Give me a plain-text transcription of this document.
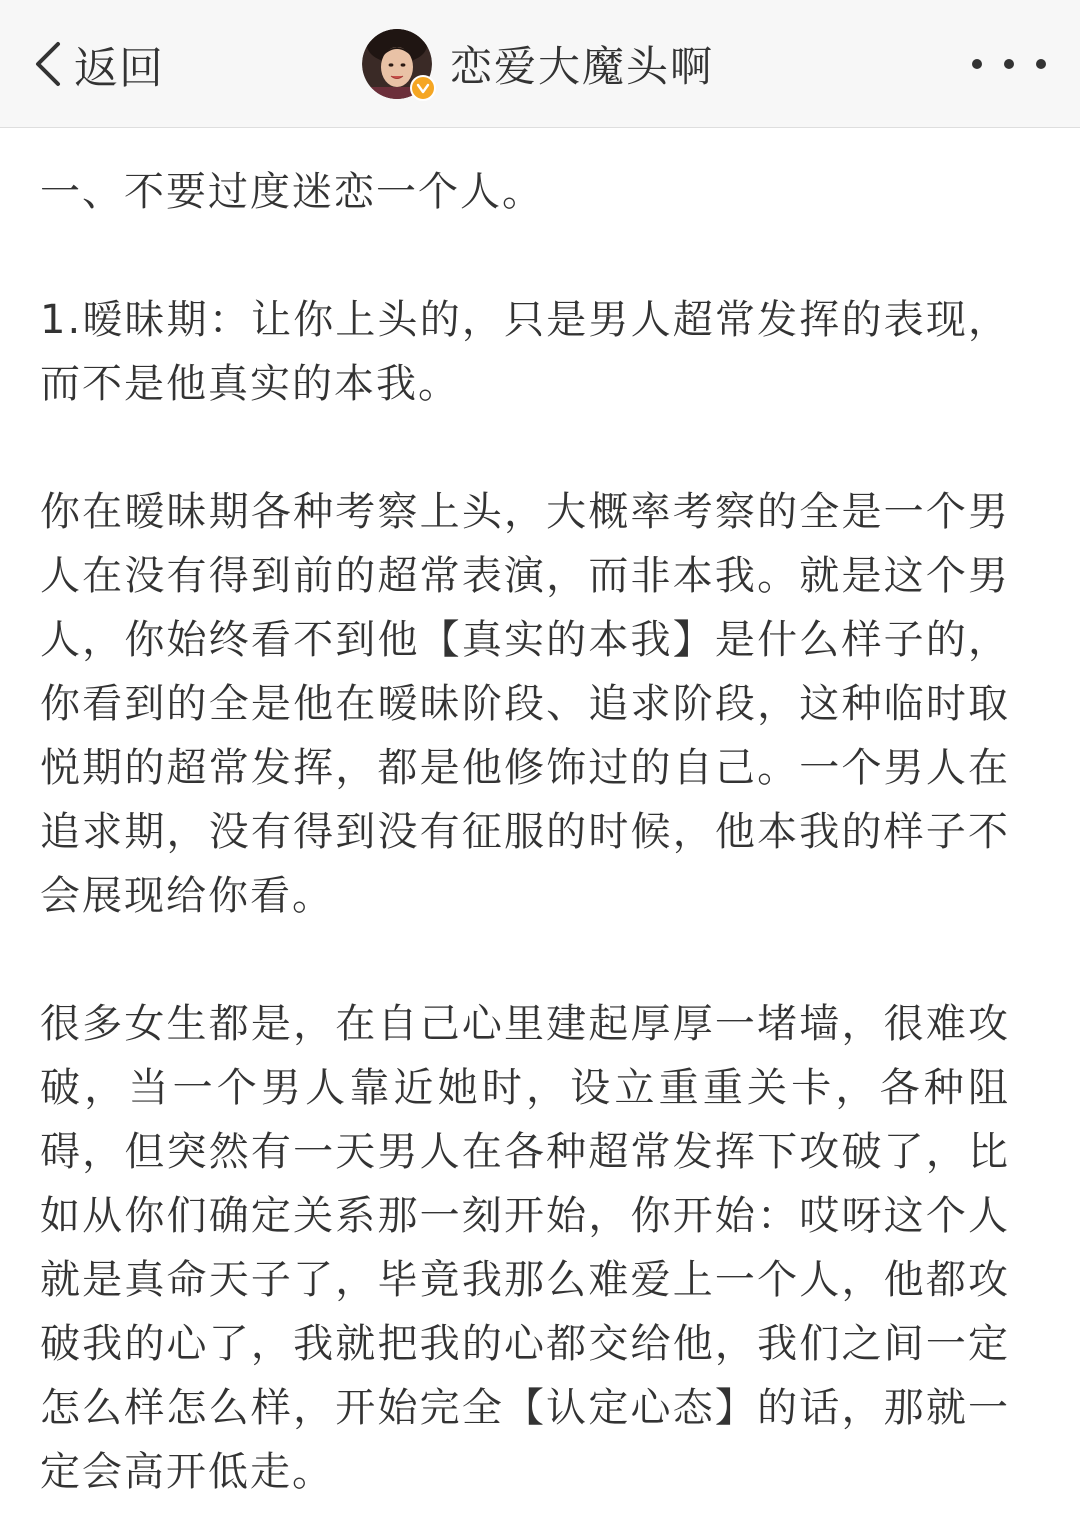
返回	恋爱大魔头啊

一、不要过度迷恋一个人。

1.暧昧期：让你上头的，只是男人超常发挥的表现，而不是他真实的本我。

你在暧昧期各种考察上头，大概率考察的全是一个男人在没有得到前的超常表演，而非本我。就是这个男人，你始终看不到他【真实的本我】是什么样子的，你看到的全是他在暧昧阶段、追求阶段，这种临时取悦期的超常发挥，都是他修饰过的自己。一个男人在追求期，没有得到没有征服的时候，他本我的样子不会展现给你看。

很多女生都是，在自己心里建起厚厚一堵墙，很难攻破，当一个男人靠近她时，设立重重关卡，各种阻碍，但突然有一天男人在各种超常发挥下攻破了，比如从你们确定关系那一刻开始，你开始：哎呀这个人就是真命天子了，毕竟我那么难爱上一个人，他都攻破我的心了，我就把我的心都交给他，我们之间一定怎么样怎么样，开始完全【认定心态】的话，那就一定会高开低走。
